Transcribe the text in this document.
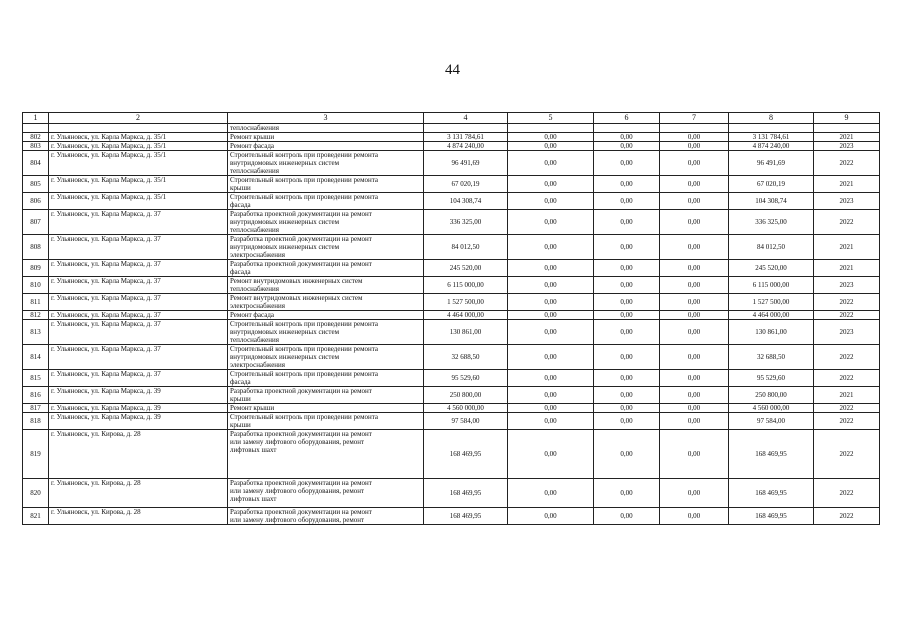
44
1	2	3	4	5	6	7	8	9
		теплоснабжения						
802	г. Ульяновск, ул. Карла Маркса, д. 35/1	Ремонт крыши	3 131 784,61	0,00	0,00	0,00	3 131 784,61	2021
803	г. Ульяновск, ул. Карла Маркса, д. 35/1	Ремонт фасада	4 874 240,00	0,00	0,00	0,00	4 874 240,00	2023
804	г. Ульяновск, ул. Карла Маркса, д. 35/1	Строительный контроль при проведении ремонта
внутридомовых инженерных систем
теплоснабжения	96 491,69	0,00	0,00	0,00	96 491,69	2022
805	г. Ульяновск, ул. Карла Маркса, д. 35/1	Строительный контроль при проведении ремонта
крыши	67 020,19	0,00	0,00	0,00	67 020,19	2021
806	г. Ульяновск, ул. Карла Маркса, д. 35/1	Строительный контроль при проведении ремонта
фасада	104 308,74	0,00	0,00	0,00	104 308,74	2023
807	г. Ульяновск, ул. Карла Маркса, д. 37	Разработка проектной документации на ремонт
внутридомовых инженерных систем
теплоснабжения	336 325,00	0,00	0,00	0,00	336 325,00	2022
808	г. Ульяновск, ул. Карла Маркса, д. 37	Разработка проектной документации на ремонт
внутридомовых инженерных систем
электроснабжения	84 012,50	0,00	0,00	0,00	84 012,50	2021
809	г. Ульяновск, ул. Карла Маркса, д. 37	Разработка проектной документации на ремонт
фасада	245 520,00	0,00	0,00	0,00	245 520,00	2021
810	г. Ульяновск, ул. Карла Маркса, д. 37	Ремонт внутридомовых инженерных систем
теплоснабжения	6 115 000,00	0,00	0,00	0,00	6 115 000,00	2023
811	г. Ульяновск, ул. Карла Маркса, д. 37	Ремонт внутридомовых инженерных систем
электроснабжения	1 527 500,00	0,00	0,00	0,00	1 527 500,00	2022
812	г. Ульяновск, ул. Карла Маркса, д. 37	Ремонт фасада	4 464 000,00	0,00	0,00	0,00	4 464 000,00	2022
813	г. Ульяновск, ул. Карла Маркса, д. 37	Строительный контроль при проведении ремонта
внутридомовых инженерных систем
теплоснабжения	130 861,00	0,00	0,00	0,00	130 861,00	2023
814	г. Ульяновск, ул. Карла Маркса, д. 37	Строительный контроль при проведении ремонта
внутридомовых инженерных систем
электроснабжения	32 688,50	0,00	0,00	0,00	32 688,50	2022
815	г. Ульяновск, ул. Карла Маркса, д. 37	Строительный контроль при проведении ремонта
фасада	95 529,60	0,00	0,00	0,00	95 529,60	2022
816	г. Ульяновск, ул. Карла Маркса, д. 39	Разработка проектной документации на ремонт
крыши	250 800,00	0,00	0,00	0,00	250 800,00	2021
817	г. Ульяновск, ул. Карла Маркса, д. 39	Ремонт крыши	4 560 000,00	0,00	0,00	0,00	4 560 000,00	2022
818	г. Ульяновск, ул. Карла Маркса, д. 39	Строительный контроль при проведении ремонта
крыши	97 584,00	0,00	0,00	0,00	97 584,00	2022
819	г. Ульяновск, ул. Кирова, д. 28	Разработка проектной документации на ремонт
или замену лифтового оборудования, ремонт
лифтовых шахт	168 469,95	0,00	0,00	0,00	168 469,95	2022
820	г. Ульяновск, ул. Кирова, д. 28	Разработка проектной документации на ремонт
или замену лифтового оборудования, ремонт
лифтовых шахт	168 469,95	0,00	0,00	0,00	168 469,95	2022
821	г. Ульяновск, ул. Кирова, д. 28	Разработка проектной документации на ремонт
или замену лифтового оборудования, ремонт	168 469,95	0,00	0,00	0,00	168 469,95	2022
